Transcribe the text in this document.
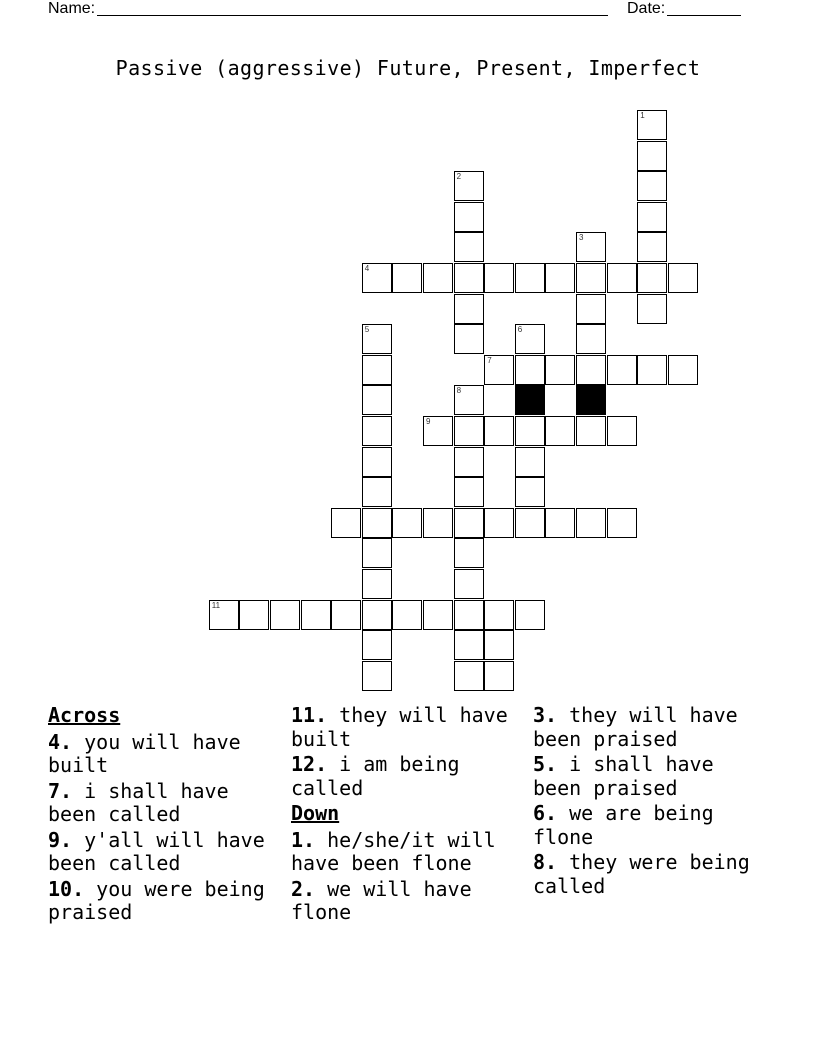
Name:	Date:
Passive (aggressive) Future, Present, Imperfect
1
2
3
4
5	6
7
8
9
11
Across
4. you will have built
7. i shall have been called
9. y'all will have been called
10. you were being praised
11. they will have built
12. i am being called
Down
1. he/she/it will have been flone
2. we will have flone
3. they will have been praised
5. i shall have been praised
6. we are being flone
8. they were being called
